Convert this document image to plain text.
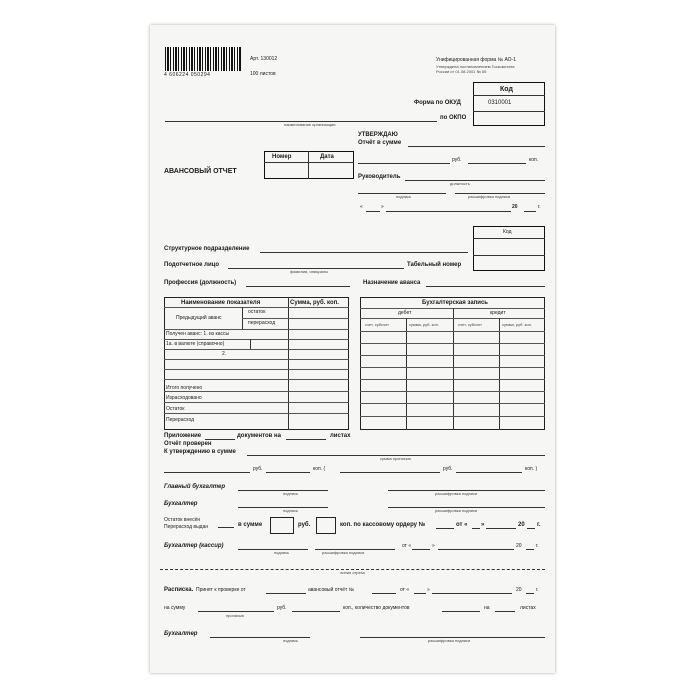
4 606224 050294
Арт. 130012
100 листов
Унифицированная форма № АО-1
Утверждена постановлением Госкомстата
России от 01.08.2001 № 55
Код
Форма по ОКУД	0310001
по ОКПО
наименование организации
УТВЕРЖДАЮ
Отчёт в сумме
руб.	коп.
Руководитель
должность
подпись	расшифровка подписи
«	»	20	г.
АВАНСОВЫЙ ОТЧЕТ
Номер	Дата
Код
Структурное подразделение
Подотчетное лицо
фамилия, инициалы
Табельный номер
Профессия (должность)	Назначение аванса
Наименование показателя	Сумма, руб. коп.
Предыдущий аванс
остаток
перерасход
Получен аванс: 1. из кассы
1а. в валюте (справочно)
2.
Итого получено
Израсходовано
Остаток
Перерасход
Бухгалтерская запись
дебет	кредит
счет, субсчет	сумма, руб. коп.	счет, субсчет	сумма, руб. коп.
Приложение	документов на	листах
Отчёт проверен
К утверждению в сумме
сумма прописью
руб.	коп. (	руб.	коп. )
Главный бухгалтер
подпись	расшифровка подписи
Бухгалтер
подпись	расшифровка подписи
Остаток внесён
Перерасход выдан	в сумме	руб.	коп. по кассовому ордеру №	от « »	20 г.
Бухгалтер (кассир)
подпись	расшифровка подписи
от «	»	20	г.
линия отреза
Расписка. Принят к проверке от	авансовый отчёт №	от «	»	20	г.
на сумму
прописью
руб.	коп., количество документов	на	листах
Бухгалтер
подпись	расшифровка подписи
